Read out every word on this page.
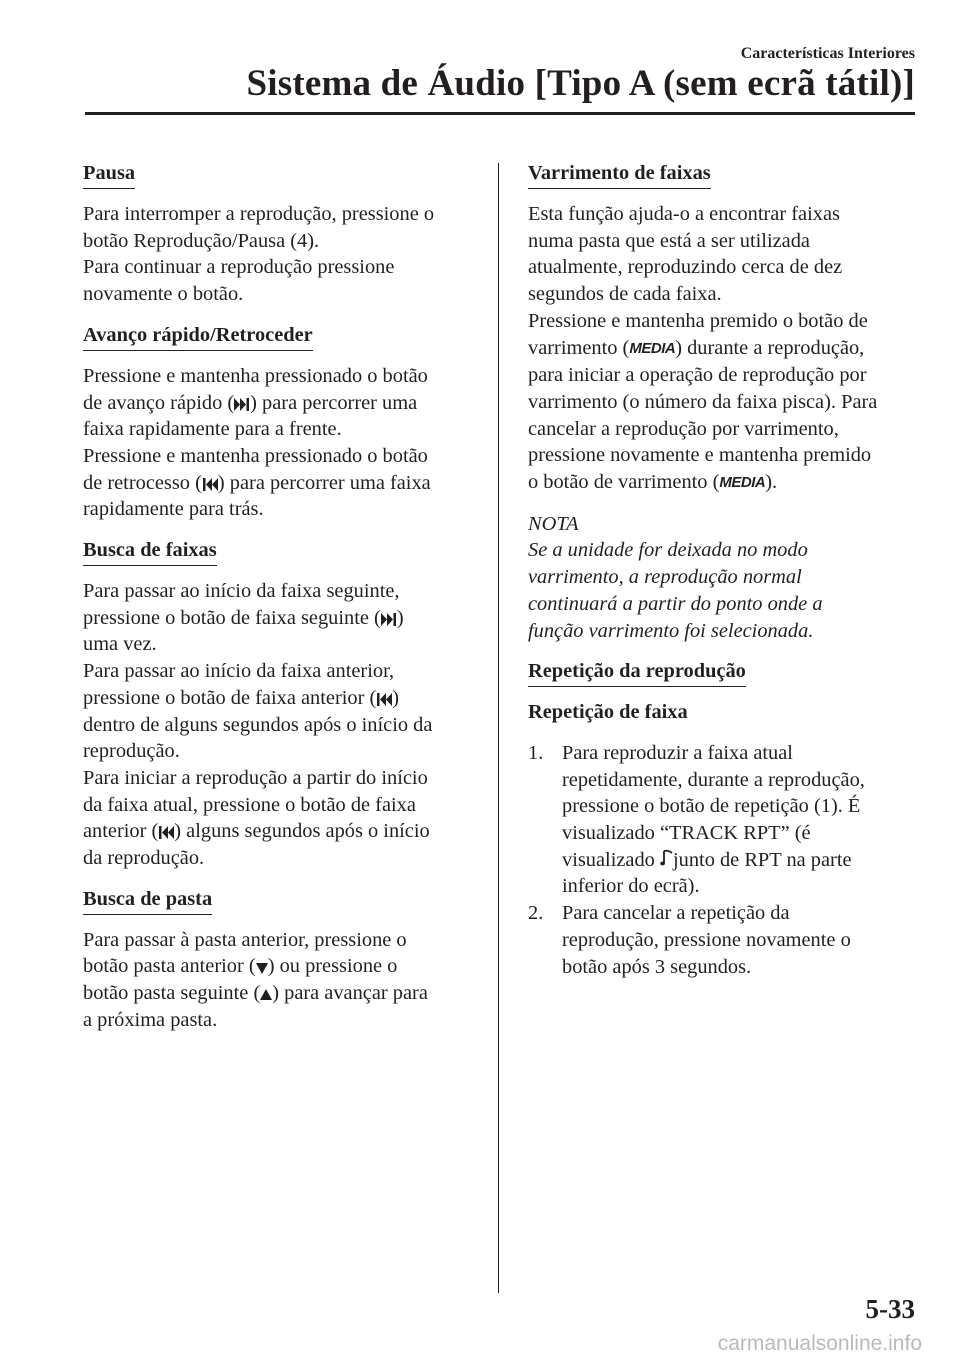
Características Interiores
Sistema de Áudio [Tipo A (sem ecrã tátil)]
Pausa
Para interromper a reprodução, pressione o
botão Reprodução/Pausa (4).
Para continuar a reprodução pressione
novamente o botão.
Avanço rápido/Retroceder
Pressione e mantenha pressionado o botão
de avanço rápido ( ) para percorrer uma
faixa rapidamente para a frente.
Pressione e mantenha pressionado o botão
de retrocesso ( ) para percorrer uma faixa
rapidamente para trás.
Busca de faixas
Para passar ao início da faixa seguinte,
pressione o botão de faixa seguinte ( )
uma vez.
Para passar ao início da faixa anterior,
pressione o botão de faixa anterior ( )
dentro de alguns segundos após o início da
reprodução.
Para iniciar a reprodução a partir do início
da faixa atual, pressione o botão de faixa
anterior ( ) alguns segundos após o início
da reprodução.
Busca de pasta
Para passar à pasta anterior, pressione o
botão pasta anterior ( ) ou pressione o
botão pasta seguinte ( ) para avançar para
a próxima pasta.
Varrimento de faixas
Esta função ajuda-o a encontrar faixas
numa pasta que está a ser utilizada
atualmente, reproduzindo cerca de dez
segundos de cada faixa.
Pressione e mantenha premido o botão de
varrimento (MEDIA) durante a reprodução,
para iniciar a operação de reprodução por
varrimento (o número da faixa pisca). Para
cancelar a reprodução por varrimento,
pressione novamente e mantenha premido
o botão de varrimento (MEDIA).
NOTA
Se a unidade for deixada no modo
varrimento, a reprodução normal
continuará a partir do ponto onde a
função varrimento foi selecionada.
Repetição da reprodução
Repetição de faixa
1. Para reproduzir a faixa atual
repetidamente, durante a reprodução,
pressione o botão de repetição (1). É
visualizado “TRACK RPT” (é
visualizado
junto de RPT na parte
inferior do ecrã).
2. Para cancelar a repetição da
reprodução, pressione novamente o
botão após 3 segundos.
5-33
carmanualsonline.info
